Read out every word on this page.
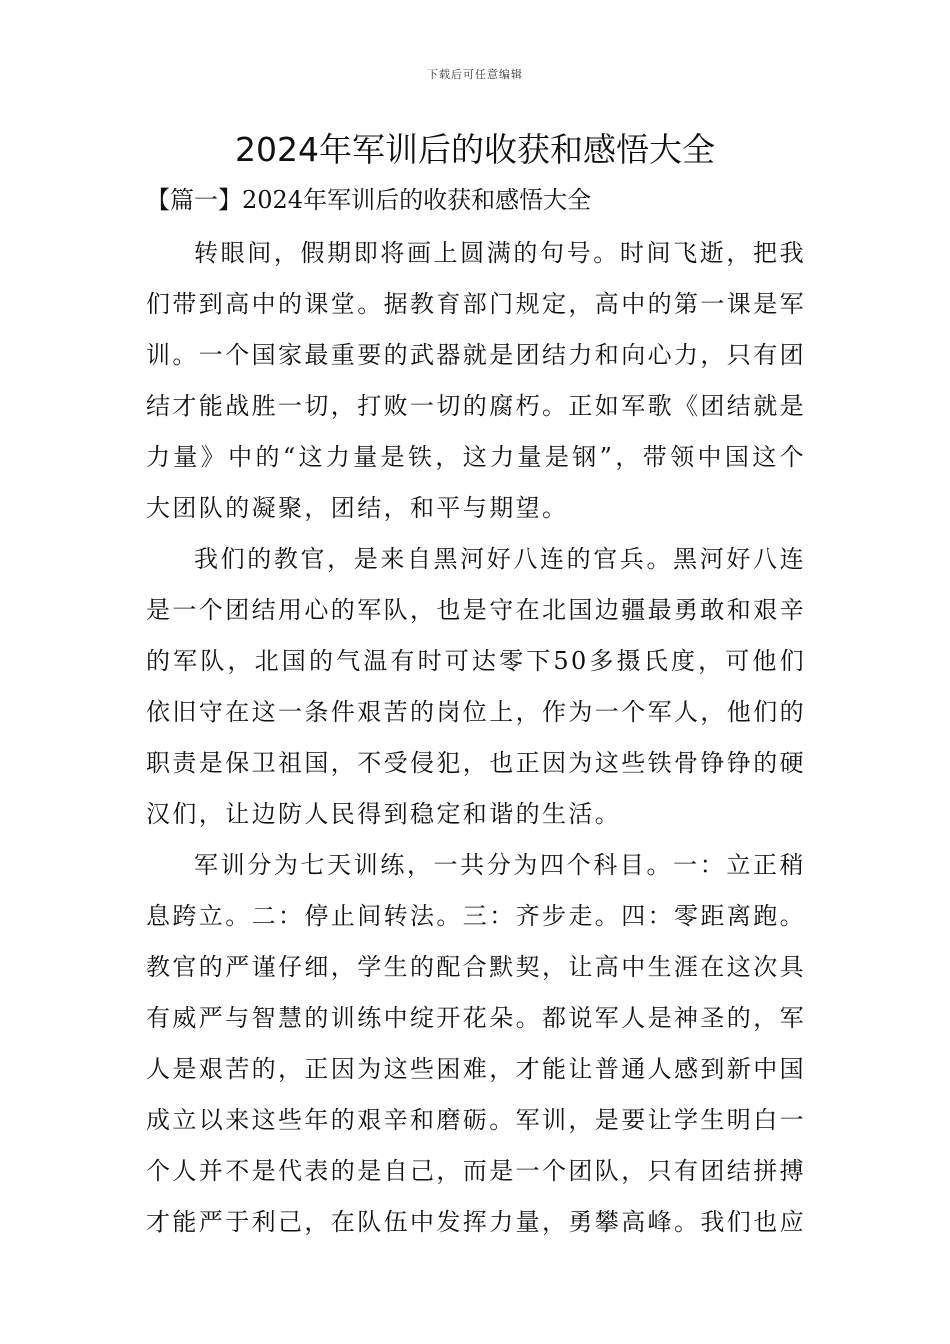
下载后可任意编辑
2024年军训后的收获和感悟大全
【篇一】2024年军训后的收获和感悟大全

转眼间，假期即将画上圆满的句号。时间飞逝，把我们带到高中的课堂。据教育部门规定，高中的第一课是军训。一个国家最重要的武器就是团结力和向心力，只有团结才能战胜一切，打败一切的腐朽。正如军歌《团结就是力量》中的“这力量是铁，这力量是钢”，带领中国这个大团队的凝聚，团结，和平与期望。

我们的教官，是来自黑河好八连的官兵。黑河好八连是一个团结用心的军队，也是守在北国边疆最勇敢和艰辛的军队，北国的气温有时可达零下50多摄氏度，可他们依旧守在这一条件艰苦的岗位上，作为一个军人，他们的职责是保卫祖国，不受侵犯，也正因为这些铁骨铮铮的硬汉们，让边防人民得到稳定和谐的生活。

军训分为七天训练，一共分为四个科目。一：立正稍息跨立。二：停止间转法。三：齐步走。四：零距离跑。教官的严谨仔细，学生的配合默契，让高中生涯在这次具有威严与智慧的训练中绽开花朵。都说军人是神圣的，军人是艰苦的，正因为这些困难，才能让普通人感到新中国成立以来这些年的艰辛和磨砺。军训，是要让学生明白一个人并不是代表的是自己，而是一个团队，只有团结拼搏才能严于利己，在队伍中发挥力量，勇攀高峰。我们也应
